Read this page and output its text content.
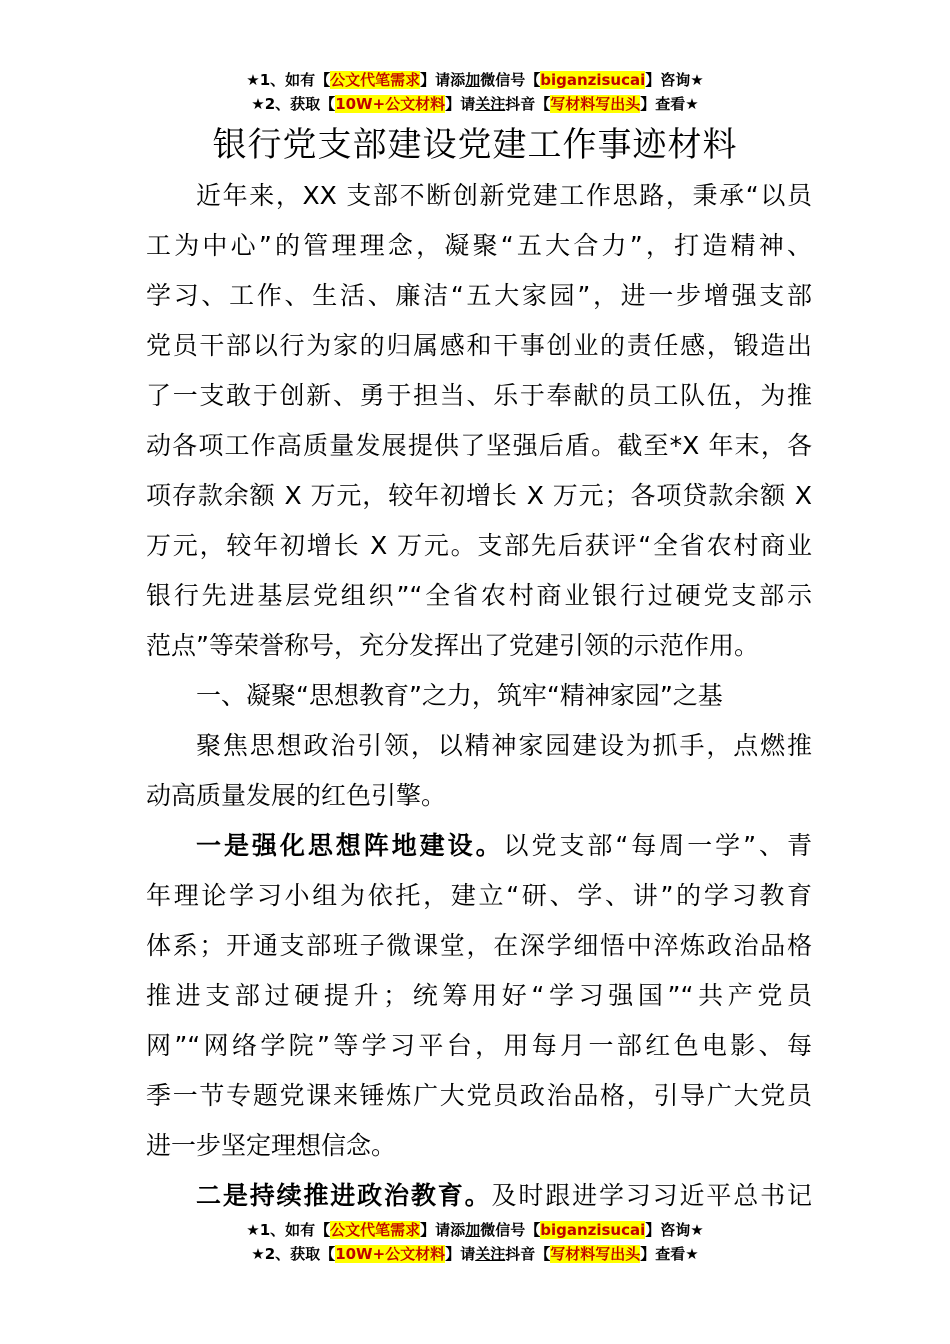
★1、如有【公文代笔需求】请添加微信号【biganzisucai】咨询★
★2、获取【10W+公文材料】请关注抖音【写材料写出头】查看★
银行党支部建设党建工作事迹材料
近年来，XX 支部不断创新党建工作思路，秉承“以员
工为中心”的管理理念，凝聚“五大合力”，打造精神、
学习、工作、生活、廉洁“五大家园”，进一步增强支部
党员干部以行为家的归属感和干事创业的责任感，锻造出
了一支敢于创新、勇于担当、乐于奉献的员工队伍，为推
动各项工作高质量发展提供了坚强后盾。截至*X 年末，各
项存款余额 X 万元，较年初增长 X 万元；各项贷款余额 X
万元，较年初增长 X 万元。支部先后获评“全省农村商业
银行先进基层党组织”“全省农村商业银行过硬党支部示
范点”等荣誉称号，充分发挥出了党建引领的示范作用。
一、凝聚“思想教育”之力，筑牢“精神家园”之基
聚焦思想政治引领，以精神家园建设为抓手，点燃推
动高质量发展的红色引擎。
一是强化思想阵地建设。以党支部“每周一学”、青
年理论学习小组为依托，建立“研、学、讲”的学习教育
体系；开通支部班子微课堂，在深学细悟中淬炼政治品格
推进支部过硬提升；统筹用好“学习强国”“共产党员
网”“网络学院”等学习平台，用每月一部红色电影、每
季一节专题党课来锤炼广大党员政治品格，引导广大党员
进一步坚定理想信念。
二是持续推进政治教育。及时跟进学习习近平总书记
★1、如有【公文代笔需求】请添加微信号【biganzisucai】咨询★
★2、获取【10W+公文材料】请关注抖音【写材料写出头】查看★
